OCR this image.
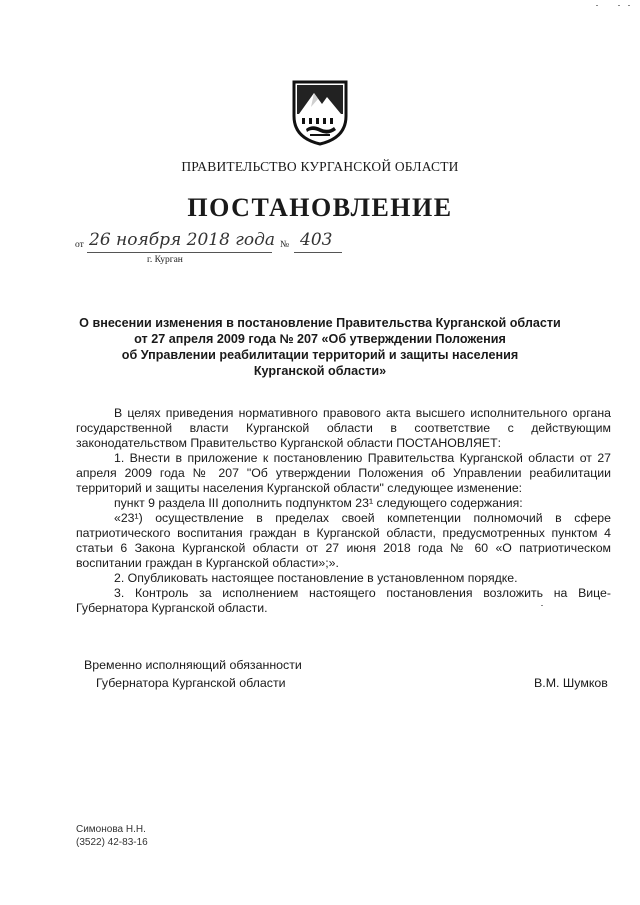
ПРАВИТЕЛЬСТВО КУРГАНСКОЙ ОБЛАСТИ
ПОСТАНОВЛЕНИЕ
от 26 ноября 2018 года № 403
г. Курган
О внесении изменения в постановление Правительства Курганской области
от 27 апреля 2009 года № 207 «Об утверждении Положения
об Управлении реабилитации территорий и защиты населения
Курганской области»

В целях приведения нормативного правового акта высшего исполнительного органа государственной власти Курганской области в соответствие с действующим законодательством Правительство Курганской области ПОСТАНОВЛЯЕТ:

1. Внести в приложение к постановлению Правительства Курганской области от 27 апреля 2009 года № 207 "Об утверждении Положения об Управлении реабилитации территорий и защиты населения Курганской области" следующее изменение:

пункт 9 раздела III дополнить подпунктом 23¹ следующего содержания:

«23¹) осуществление в пределах своей компетенции полномочий в сфере патриотического воспитания граждан в Курганской области, предусмотренных пунктом 4 статьи 6 Закона Курганской области от 27 июня 2018 года № 60 «О патриотическом воспитании граждан в Курганской области»;».

2. Опубликовать настоящее постановление в установленном порядке.

3. Контроль за исполнением настоящего постановления возложить на Вице-Губернатора Курганской области.

Временно исполняющий обязанности
Губернатора Курганской области	В.М. Шумков
Симонова Н.Н.
(3522) 42-83-16
